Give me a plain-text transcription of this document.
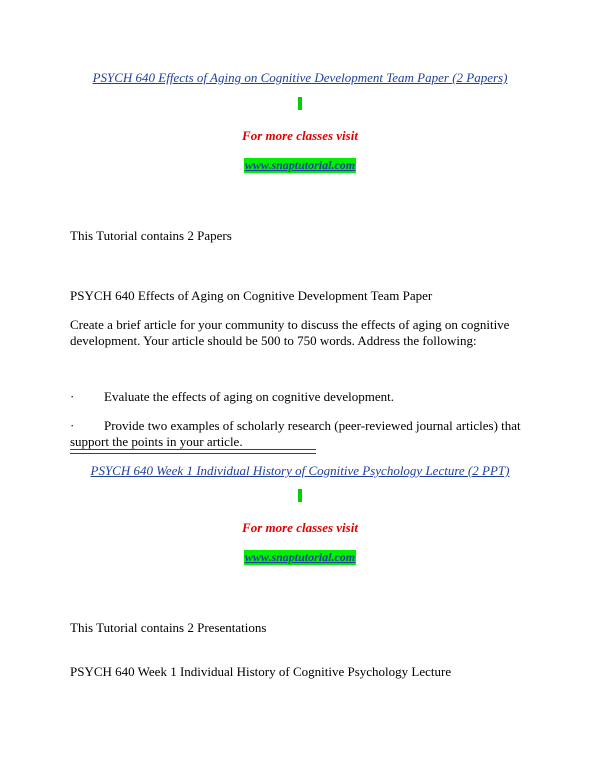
PSYCH 640 Effects of Aging on Cognitive Development Team Paper (2 Papers)
For more classes visit
www.snaptutorial.com
This Tutorial contains 2 Papers
PSYCH 640 Effects of Aging on Cognitive Development Team Paper
Create a brief article for your community to discuss the effects of aging on cognitive development. Your article should be 500 to 750 words. Address the following:
· Evaluate the effects of aging on cognitive development.
· Provide two examples of scholarly research (peer-reviewed journal articles) that
support the points in your article.
PSYCH 640 Week 1 Individual History of Cognitive Psychology Lecture (2 PPT)
For more classes visit
www.snaptutorial.com
This Tutorial contains 2 Presentations
PSYCH 640 Week 1 Individual History of Cognitive Psychology Lecture
